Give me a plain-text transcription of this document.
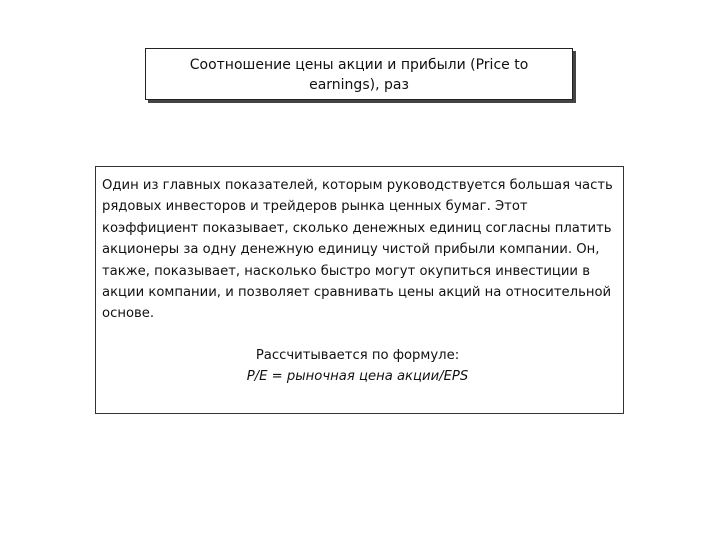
Соотношение цены акции и прибыли (Price to earnings), раз

Один из главных показателей, которым руководствуется большая часть рядовых инвесторов и трейдеров рынка ценных бумаг. Этот коэффициент показывает, сколько денежных единиц согласны платить акционеры за одну денежную единицу чистой прибыли компании. Он, также, показывает, насколько быстро могут окупиться инвестиции в акции компании, и позволяет сравнивать цены акций на относительной основе.

Рассчитывается по формуле:
P/E = рыночная цена акции/EPS
